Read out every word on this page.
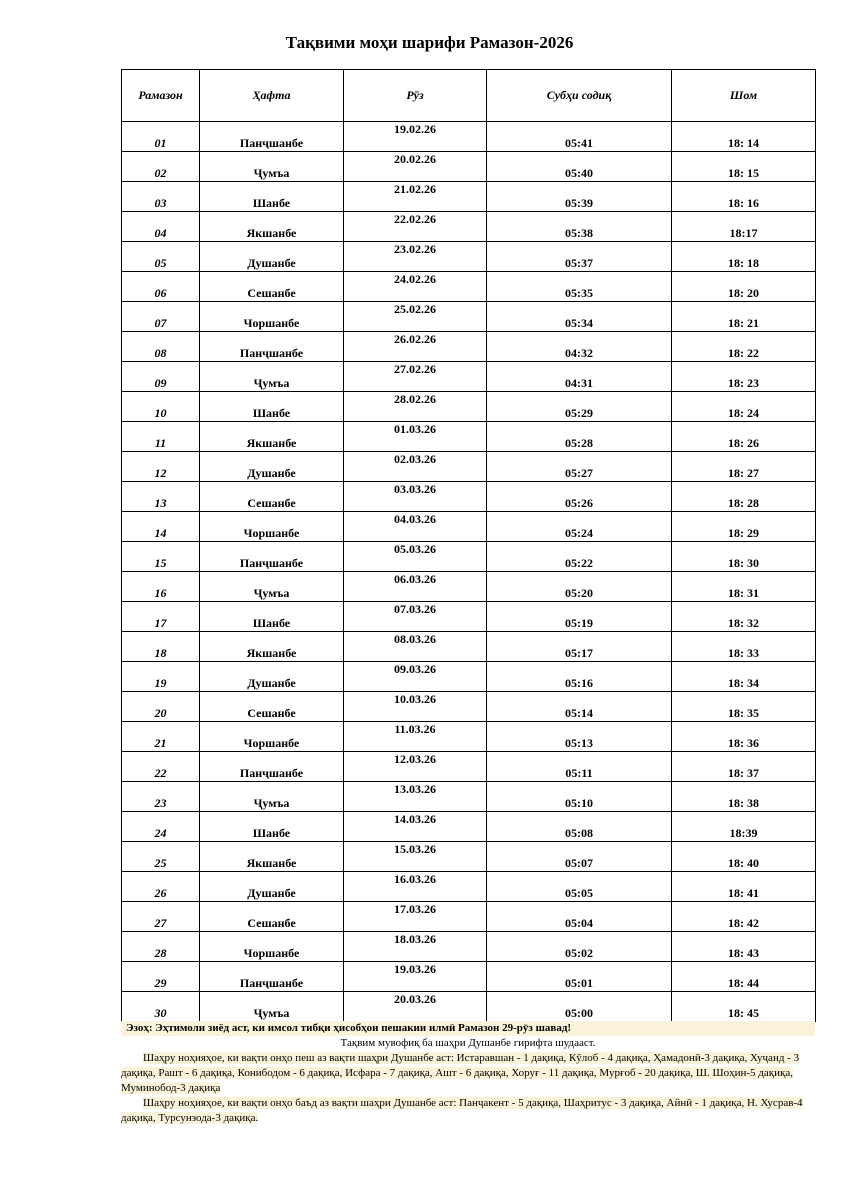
Тақвими моҳи шарифи Рамазон-2026
Рамазон	Ҳафта	Рӯз	Субҳи содиқ	Шом
01	Панҷшанбе	19.02.26	05:41	18: 14
02	Ҷумъа	20.02.26	05:40	18: 15
03	Шанбе	21.02.26	05:39	18: 16
04	Якшанбе	22.02.26	05:38	18:17
05	Душанбе	23.02.26	05:37	18: 18
06	Сешанбе	24.02.26	05:35	18: 20
07	Чоршанбе	25.02.26	05:34	18: 21
08	Панҷшанбе	26.02.26	04:32	18: 22
09	Ҷумъа	27.02.26	04:31	18: 23
10	Шанбе	28.02.26	05:29	18: 24
11	Якшанбе	01.03.26	05:28	18: 26
12	Душанбе	02.03.26	05:27	18: 27
13	Сешанбе	03.03.26	05:26	18: 28
14	Чоршанбе	04.03.26	05:24	18: 29
15	Панҷшанбе	05.03.26	05:22	18: 30
16	Ҷумъа	06.03.26	05:20	18: 31
17	Шанбе	07.03.26	05:19	18: 32
18	Якшанбе	08.03.26	05:17	18: 33
19	Душанбе	09.03.26	05:16	18: 34
20	Сешанбе	10.03.26	05:14	18: 35
21	Чоршанбе	11.03.26	05:13	18: 36
22	Панҷшанбе	12.03.26	05:11	18: 37
23	Ҷумъа	13.03.26	05:10	18: 38
24	Шанбе	14.03.26	05:08	18:39
25	Якшанбе	15.03.26	05:07	18: 40
26	Душанбе	16.03.26	05:05	18: 41
27	Сешанбе	17.03.26	05:04	18: 42
28	Чоршанбе	18.03.26	05:02	18: 43
29	Панҷшанбе	19.03.26	05:01	18: 44
30	Ҷумъа	20.03.26	05:00	18: 45

Эзоҳ: Эҳтимоли зиёд аст, ки имсол тибқи ҳисобҳои пешакии илмӣ Рамазон 29-рӯз шавад!

Тақвим мувофиқ ба шаҳри Душанбе гирифта шудааст.

Шаҳру ноҳияҳое, ки вақти онҳо пеш аз вақти шаҳри Душанбе аст: Истаравшан - 1 дақиқа, Кӯлоб - 4 дақиқа, Ҳамадонӣ-3 дақиқа, Хуҷанд - 3 дақиқа, Рашт - 6 дақиқа, Конибодом - 6 дақиқа, Исфара - 7 дақиқа, Ашт - 6 дақиқа, Хоруғ - 11 дақиқа, Мурғоб - 20 дақиқа, Ш. Шоҳин-5 дақиқа, Муминобод-3 дақиқа

Шаҳру ноҳияҳое, ки вақти онҳо баъд аз вақти шаҳри Душанбе аст: Панҷакент - 5 дақиқа, Шаҳритус - 3 дақиқа, Айнӣ - 1 дақиқа, Н. Хусрав-4 дақиқа, Турсунзода-3 дақиқа.
